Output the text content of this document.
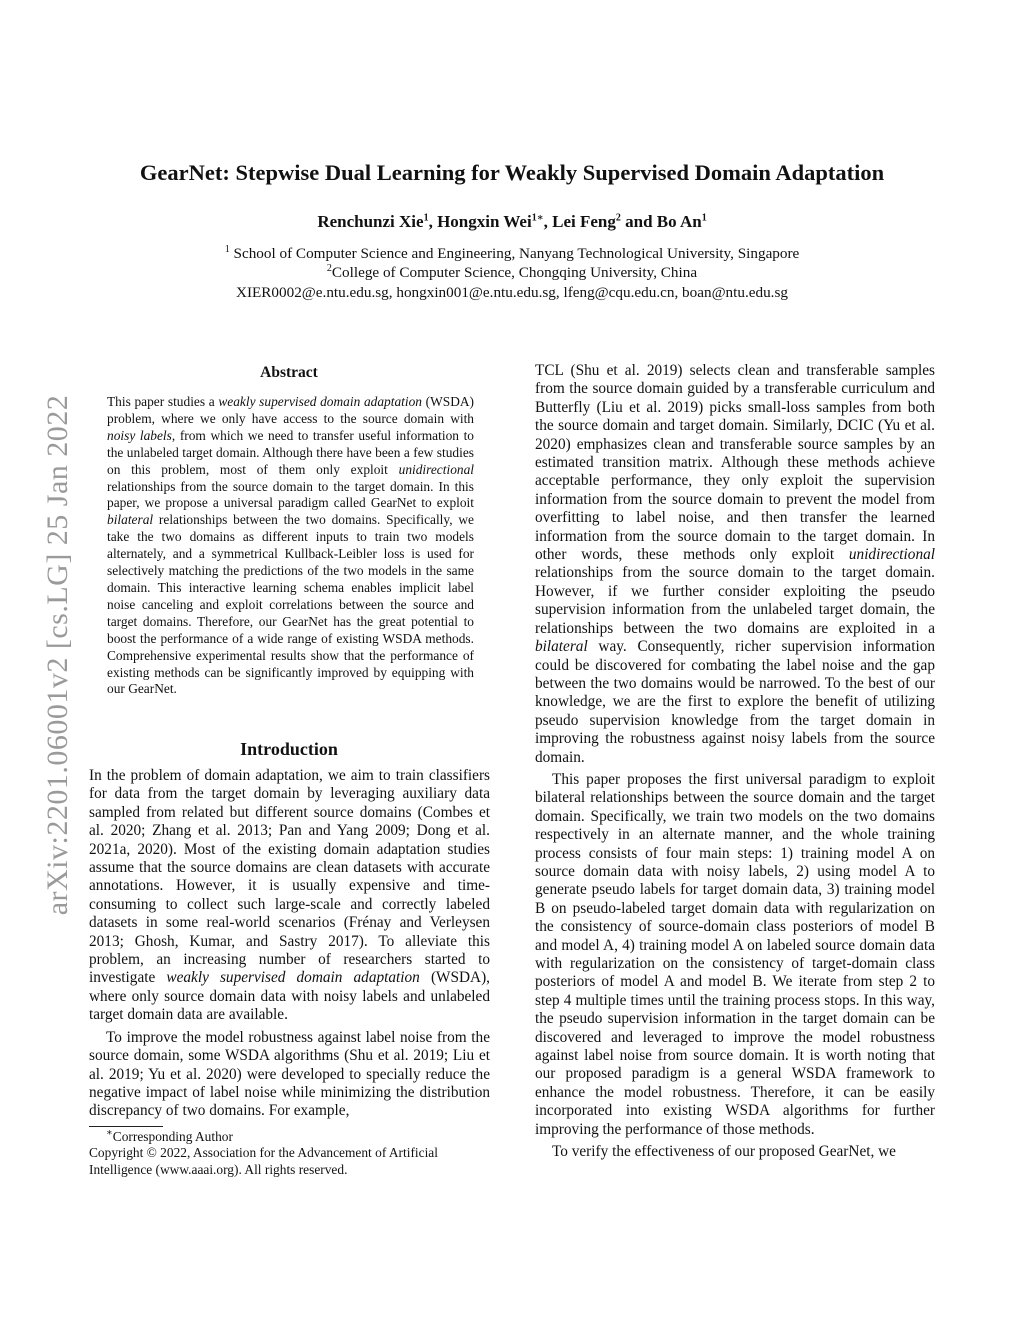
GearNet: Stepwise Dual Learning for Weakly Supervised Domain Adaptation
Renchunzi Xie$^1$, Hongxin Wei$^{1∗}$, Lei Feng$^2$ and Bo An$^1$
$^1$ School of Computer Science and Engineering, Nanyang Technological University, Singapore
$^2$College of Computer Science, Chongqing University, China
XIER0002@e.ntu.edu.sg, hongxin001@e.ntu.edu.sg, lfeng@cqu.edu.cn, boan@ntu.edu.sg
arXiv:2201.06001v2 [cs.LG] 25 Jan 2022
Abstract

This paper studies a weakly supervised domain adaptation (WSDA) problem, where we only have access to the source domain with noisy labels, from which we need to transfer useful information to the unlabeled target domain. Although there have been a few studies on this problem, most of them only exploit unidirectional relationships from the source domain to the target domain. In this paper, we propose a universal paradigm called GearNet to exploit bilateral relationships between the two domains. Specifically, we take the two domains as different inputs to train two models alternately, and a symmetrical Kullback-Leibler loss is used for selectively matching the predictions of the two models in the same domain. This interactive learning schema enables implicit label noise canceling and exploit correlations between the source and target domains. Therefore, our GearNet has the great potential to boost the performance of a wide range of existing WSDA methods. Comprehensive experimental results show that the performance of existing methods can be significantly improved by equipping with our GearNet.

Introduction

In the problem of domain adaptation, we aim to train classifiers for data from the target domain by leveraging auxiliary data sampled from related but different source domains (Combes et al. 2020; Zhang et al. 2013; Pan and Yang 2009; Dong et al. 2021a, 2020). Most of the existing domain adaptation studies assume that the source domains are clean datasets with accurate annotations. However, it is usually expensive and time-consuming to collect such large-scale and correctly labeled datasets in some real-world scenarios (Frénay and Verleysen 2013; Ghosh, Kumar, and Sastry 2017). To alleviate this problem, an increasing number of researchers started to investigate weakly supervised domain adaptation (WSDA), where only source domain data with noisy labels and unlabeled target domain data are available.

To improve the model robustness against label noise from the source domain, some WSDA algorithms (Shu et al. 2019; Liu et al. 2019; Yu et al. 2020) were developed to specially reduce the negative impact of label noise while minimizing the distribution discrepancy of two domains. For example,

TCL (Shu et al. 2019) selects clean and transferable samples from the source domain guided by a transferable curriculum and Butterfly (Liu et al. 2019) picks small-loss samples from both the source domain and target domain. Similarly, DCIC (Yu et al. 2020) emphasizes clean and transferable source samples by an estimated transition matrix. Although these methods achieve acceptable performance, they only exploit the supervision information from the source domain to prevent the model from overfitting to label noise, and then transfer the learned information from the source domain to the target domain. In other words, these methods only exploit unidirectional relationships from the source domain to the target domain. However, if we further consider exploiting the pseudo supervision information from the unlabeled target domain, the relationships between the two domains are exploited in a bilateral way. Consequently, richer supervision information could be discovered for combating the label noise and the gap between the two domains would be narrowed. To the best of our knowledge, we are the first to explore the benefit of utilizing pseudo supervision knowledge from the target domain in improving the robustness against noisy labels from the source domain.

This paper proposes the first universal paradigm to exploit bilateral relationships between the source domain and the target domain. Specifically, we train two models on the two domains respectively in an alternate manner, and the whole training process consists of four main steps: 1) training model A on source domain data with noisy labels, 2) using model A to generate pseudo labels for target domain data, 3) training model B on pseudo-labeled target domain data with regularization on the consistency of source-domain class posteriors of model B and model A, 4) training model A on labeled source domain data with regularization on the consistency of target-domain class posteriors of model A and model B. We iterate from step 2 to step 4 multiple times until the training process stops. In this way, the pseudo supervision information in the target domain can be discovered and leveraged to improve the model robustness against label noise from source domain. It is worth noting that our proposed paradigm is a general WSDA framework to enhance the model robustness. Therefore, it can be easily incorporated into existing WSDA algorithms for further improving the performance of those methods.

To verify the effectiveness of our proposed GearNet, we

∗Corresponding Author
Copyright © 2022, Association for the Advancement of Artificial Intelligence (www.aaai.org). All rights reserved.
